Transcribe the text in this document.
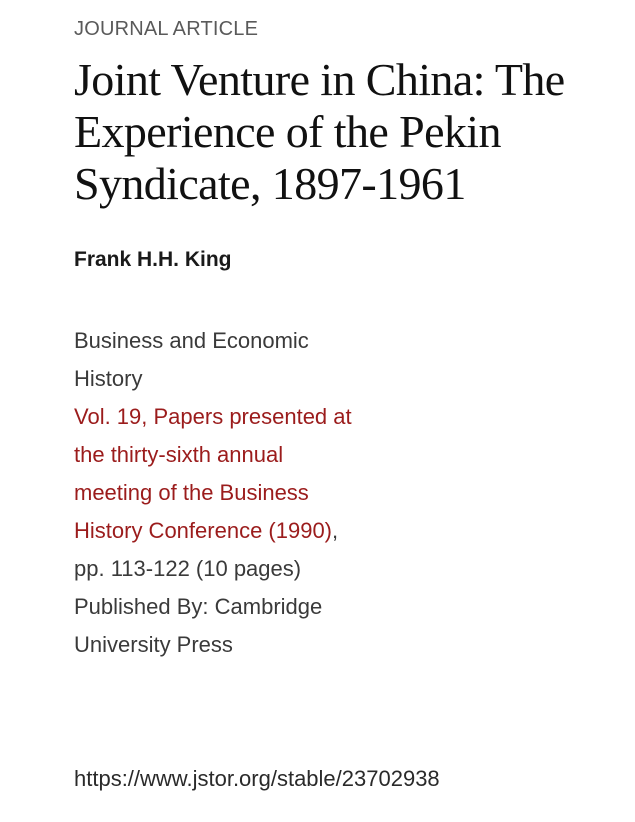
JOURNAL ARTICLE

Joint Venture in China: The Experience of the Pekin Syndicate, 1897-1961

Frank H.H. King

Business and Economic History
Vol. 19, Papers presented at the thirty-sixth annual meeting of the Business History Conference (1990), pp. 113-122 (10 pages)
Published By: Cambridge University Press
https://www.jstor.org/stable/23702938
